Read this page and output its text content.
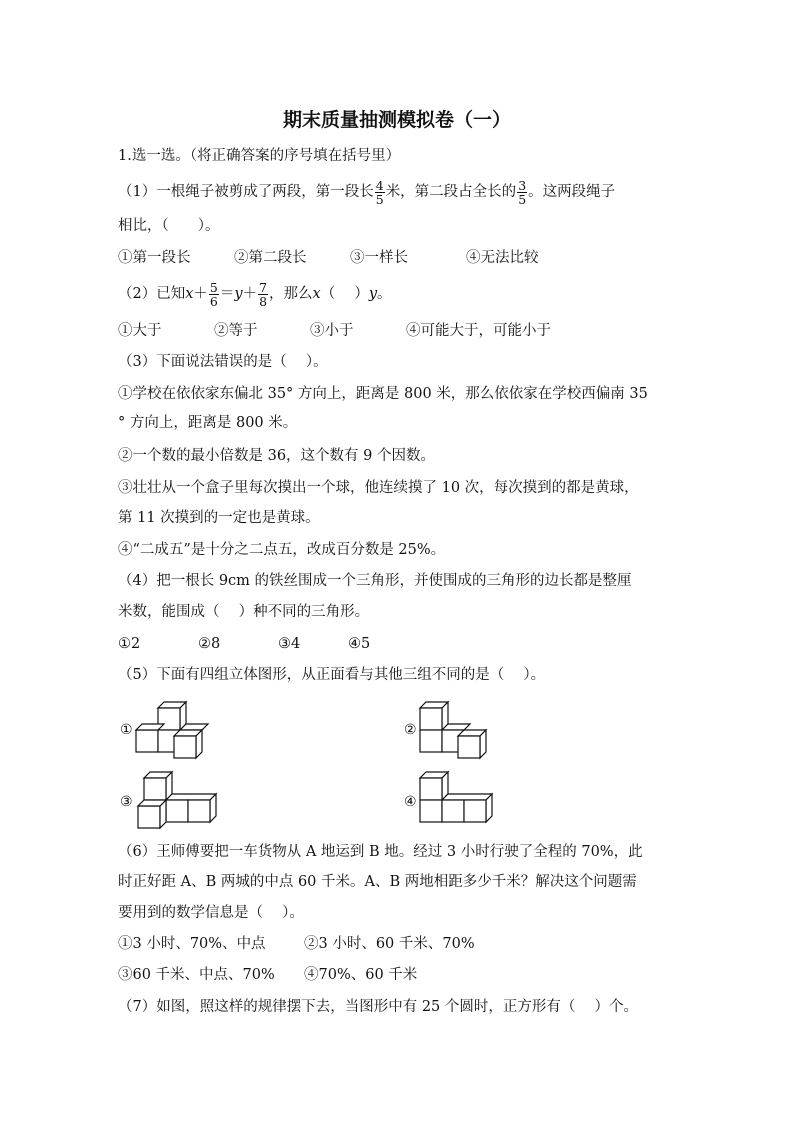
期末质量抽测模拟卷（一）
1.选一选。（将正确答案的序号填在括号里）
（1）一根绳子被剪成了两段，第一段长 $\frac{4}{5}$ 米，第二段占全长的 $\frac{3}{5}$ 。这两段绳子
相比，（　　）。
①第一段长	②第二段长	③一样长	④无法比较
（2）已知 $x + \frac{5}{6} = y + \frac{7}{8}$ ，那么 x （　 ） y 。
①大于	②等于	③小于	④可能大于，可能小于
（3）下面说法错误的是（　 ）。
①学校在依依家东偏北 35° 方向上，距离是 800 米，那么依依家在学校西偏南 35
° 方向上，距离是 800 米。
②一个数的最小倍数是 36，这个数有 9 个因数。
③壮壮从一个盒子里每次摸出一个球，他连续摸了 10 次，每次摸到的都是黄球，
第 11 次摸到的一定也是黄球。
④“二成五”是十分之二点五，改成百分数是 25%。
（4）把一根长 9cm 的铁丝围成一个三角形，并使围成的三角形的边长都是整厘
米数，能围成（　 ）种不同的三角形。
①2	②8	③4	④5
（5）下面有四组立体图形，从正面看与其他三组不同的是（　 ）。
①	②
③	④
（6）王师傅要把一车货物从 A 地运到 B 地。经过 3 小时行驶了全程的 70%，此
时正好距 A、B 两城的中点 60 千米。A、B 两地相距多少千米？解决这个问题需
要用到的数学信息是（　 ）。
①3 小时、70%、中点	②3 小时、60 千米、70%
③60 千米、中点、70% ④70%、60 千米
（7）如图，照这样的规律摆下去，当图形中有 25 个圆时，正方形有（　 ）个。
